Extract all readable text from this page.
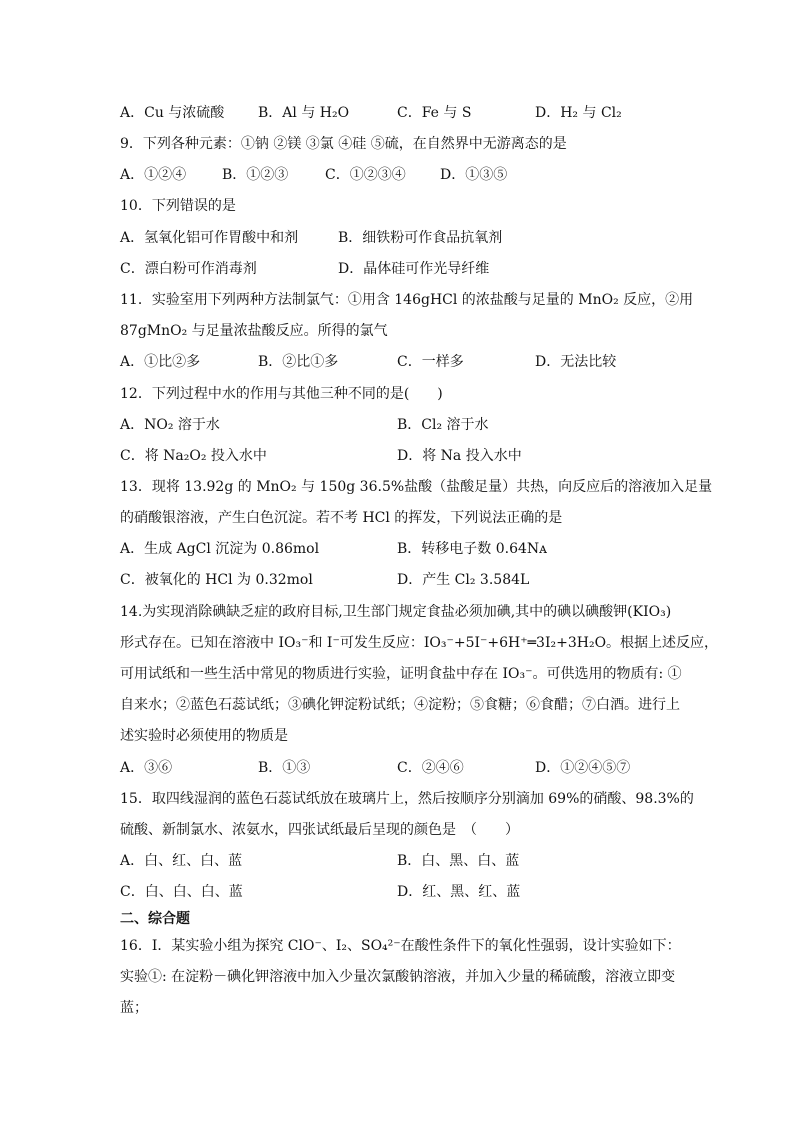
A．Cu 与浓硫酸 B．Al 与 H₂O	C．Fe 与 S	D．H₂ 与 Cl₂
9．下列各种元素：①钠 ②镁 ③氯 ④硅 ⑤硫，在自然界中无游离态的是
A．①②④	B．①②③	C．①②③④ D．①③⑤
10．下列错误的是
A．氢氧化铝可作胃酸中和剂	B．细铁粉可作食品抗氧剂
C．漂白粉可作消毒剂	D．晶体硅可作光导纤维
11．实验室用下列两种方法制氯气：①用含 146gHCl 的浓盐酸与足量的 MnO₂ 反应，②用
87gMnO₂ 与足量浓盐酸反应。所得的氯气
A．①比②多	B．②比①多	C．一样多	D．无法比较
12．下列过程中水的作用与其他三种不同的是(　　)
A．NO₂ 溶于水	B．Cl₂ 溶于水
C．将 Na₂O₂ 投入水中	D．将 Na 投入水中
13．现将 13.92g 的 MnO₂ 与 150g 36.5%盐酸（盐酸足量）共热，向反应后的溶液加入足量
的硝酸银溶液，产生白色沉淀。若不考 HCl 的挥发，下列说法正确的是
A．生成 AgCl 沉淀为 0.86mol	B．转移电子数 0.64Nᴀ
C．被氧化的 HCl 为 0.32mol	D．产生 Cl₂ 3.584L
14.为实现消除碘缺乏症的政府目标,卫生部门规定食盐必须加碘,其中的碘以碘酸钾(KIO₃)
形式存在。已知在溶液中 IO₃⁻和 I⁻可发生反应：IO₃⁻+5I⁻+6H⁺═3I₂+3H₂O。根据上述反应，
可用试纸和一些生活中常见的物质进行实验，证明食盐中存在 IO₃⁻。可供选用的物质有: ①
自来水；②蓝色石蕊试纸；③碘化钾淀粉试纸；④淀粉；⑤食糖；⑥食醋；⑦白酒。进行上
述实验时必须使用的物质是
A．③⑥	B．①③	C．②④⑥	D．①②④⑤⑦
15．取四线湿润的蓝色石蕊试纸放在玻璃片上，然后按顺序分别滴加 69%的硝酸、98.3%的
硫酸、新制氯水、浓氨水，四张试纸最后呈现的颜色是　（　　）
A．白、红、白、蓝	B．白、黑、白、蓝
C．白、白、白、蓝	D．红、黑、红、蓝
二、综合题
16．Ⅰ．某实验小组为探究 ClO⁻、I₂、SO₄²⁻在酸性条件下的氧化性强弱，设计实验如下：
实验①: 在淀粉－碘化钾溶液中加入少量次氯酸钠溶液，并加入少量的稀硫酸，溶液立即变
蓝；
